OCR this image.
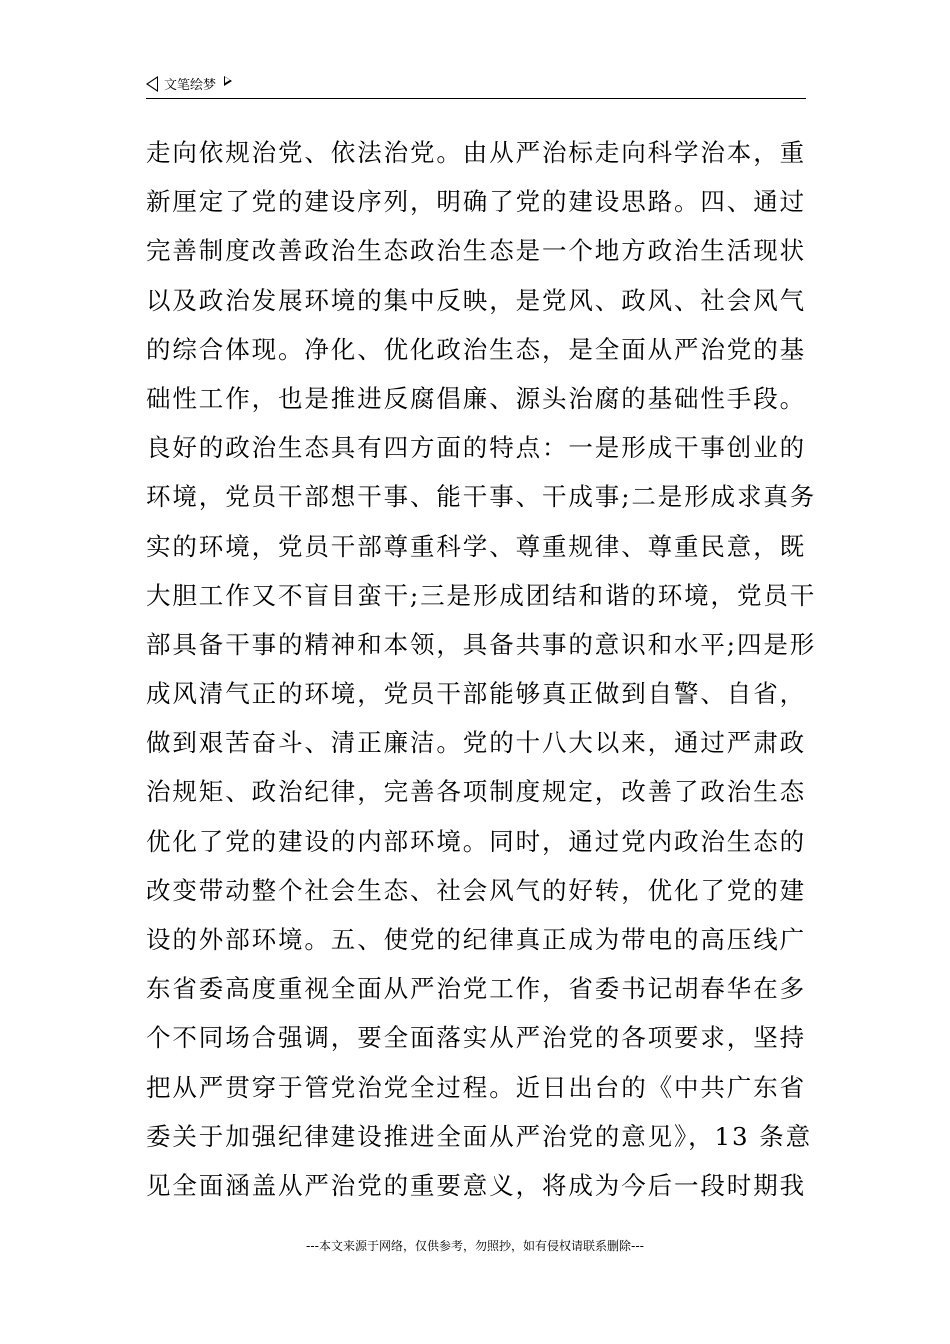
文笔绘梦
走向依规治党、依法治党。由从严治标走向科学治本，重
新厘定了党的建设序列，明确了党的建设思路。四、通过
完善制度改善政治生态政治生态是一个地方政治生活现状
以及政治发展环境的集中反映，是党风、政风、社会风气
的综合体现。净化、优化政治生态，是全面从严治党的基
础性工作，也是推进反腐倡廉、源头治腐的基础性手段。
良好的政治生态具有四方面的特点：一是形成干事创业的
环境，党员干部想干事、能干事、干成事;二是形成求真务
实的环境，党员干部尊重科学、尊重规律、尊重民意，既
大胆工作又不盲目蛮干;三是形成团结和谐的环境，党员干
部具备干事的精神和本领，具备共事的意识和水平;四是形
成风清气正的环境，党员干部能够真正做到自警、自省，
做到艰苦奋斗、清正廉洁。党的十八大以来，通过严肃政
治规矩、政治纪律，完善各项制度规定，改善了政治生态
优化了党的建设的内部环境。同时，通过党内政治生态的
改变带动整个社会生态、社会风气的好转，优化了党的建
设的外部环境。五、使党的纪律真正成为带电的高压线广
东省委高度重视全面从严治党工作，省委书记胡春华在多
个不同场合强调，要全面落实从严治党的各项要求，坚持
把从严贯穿于管党治党全过程。近日出台的《中共广东省
委关于加强纪律建设推进全面从严治党的意见》，13 条意
见全面涵盖从严治党的重要意义，将成为今后一段时期我
---本文来源于网络，仅供参考，勿照抄，如有侵权请联系删除---
